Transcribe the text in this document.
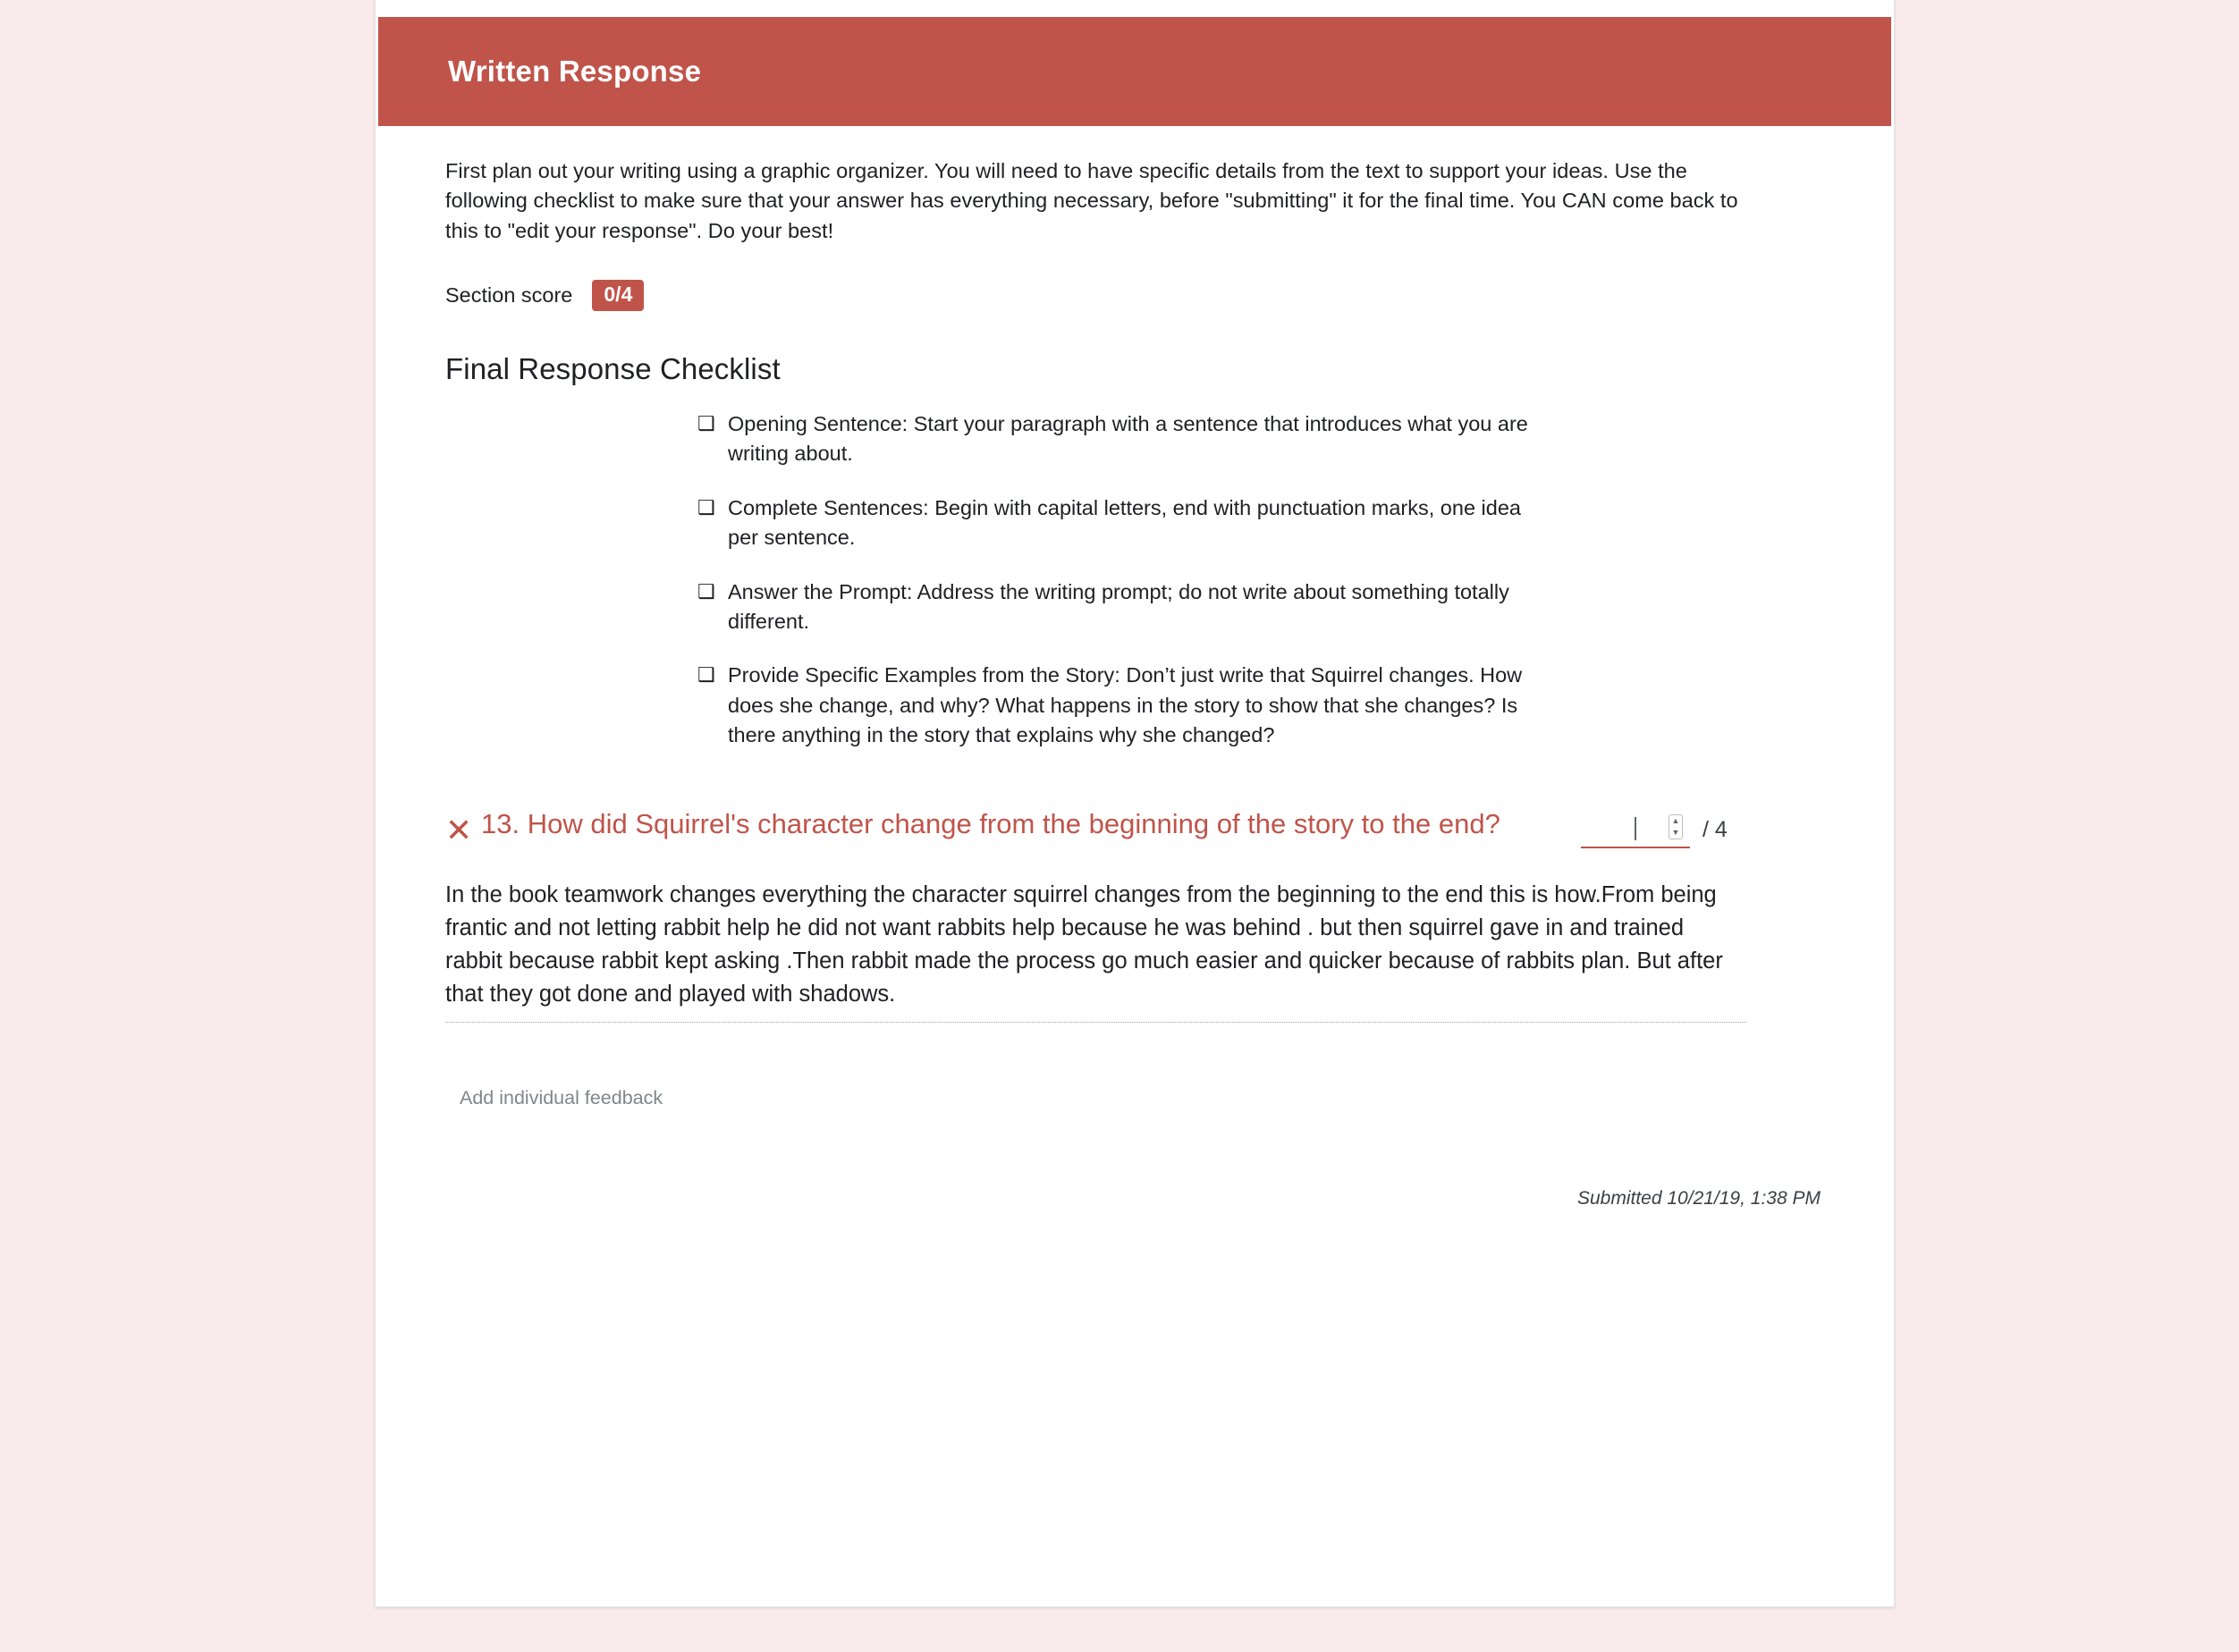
Written Response
First plan out your writing using a graphic organizer. You will need to have specific details from the text to support your ideas. Use the following checklist to make sure that your answer has everything necessary, before "submitting" it for the final time. You CAN come back to this to "edit your response". Do your best!
Section score	0/4
Final Response Checklist
❑ Opening Sentence: Start your paragraph with a sentence that introduces what you are writing about.
❑ Complete Sentences: Begin with capital letters, end with punctuation marks, one idea per sentence.
❑ Answer the Prompt: Address the writing prompt; do not write about something totally different.
❑ Provide Specific Examples from the Story: Don’t just write that Squirrel changes. How does she change, and why? What happens in the story to show that she changes? Is there anything in the story that explains why she changed?
✕ 13. How did Squirrel's character change from the beginning of the story to the end?	▲
▼ / 4
In the book teamwork changes everything the character squirrel changes from the beginning to the end this is how.From being frantic and not letting rabbit help he did not want rabbits help because he was behind . but then squirrel gave in and trained rabbit because rabbit kept asking .Then rabbit made the process go much easier and quicker because of rabbits plan. But after that they got done and played with shadows.
Add individual feedback
Submitted 10/21/19, 1:38 PM
